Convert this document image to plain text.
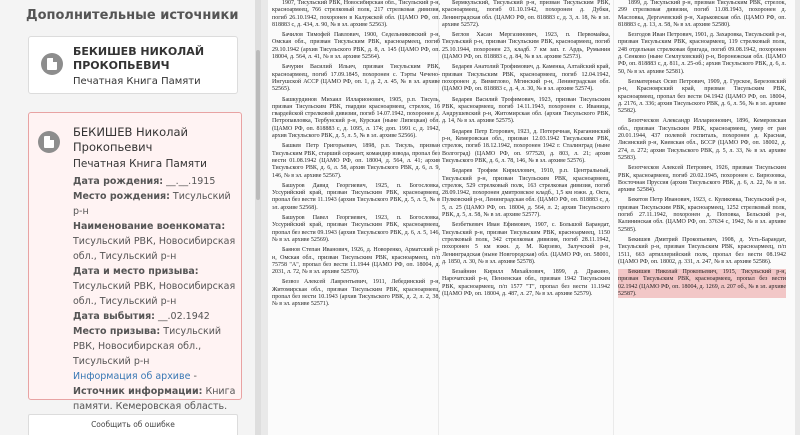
Дополнительные источники
БЕКИШЕВ НИКОЛАЙ ПРОКОПЬЕВИЧ
Печатная Книга Памяти
БЕКИШЕВ Николай Прокопьевич
Печатная Книга Памяти
Дата рождения: __.__.1915
Место рождения: Тисульский р-н
Наименование военкомата: Тисульский РВК, Новосибирская обл., Тисульский р-н
Дата и место призыва: Тисульский РВК, Новосибирская обл., Тисульский р-н
Дата выбытия: __.02.1942
Место призыва: Тисульский РВК, Новосибирская обл., Тисульский р-н
Информация об архиве -
Источник информации: Книга памяти. Кемеровская область.
Сообщить об ошибке

1907, Тисульский РВК, Новосибирская обл., Тисульский р-н, красноармеец, 766 стрелковый полк, 217 стрелковая дивизия, погиб 26.10.1942, похоронен в Калужской обл. (ЦАМО РФ, оп. 818883 с, д. 434, л. 90, № в эл. архиве 52563).

Бачилов Тимофей Павлович, 1900, Седельниковский р-н, Омская обл., призван Тисульским РВК, красноармеец, погиб 29.10.1942 (архив Тисульского РВК, д. 8, л. 145 (ЦАМО РФ, оп. 18004, д. 564, л. 41, № в эл. архиве 52564).

Бачурин Василий Ильич, призван Тисульским РВК, красноармеец, погиб 17.09.1845, похоронен с. Тэрты Чечено-Ингушской АССР (ЦАМО РФ, оп. 1, д. 2, л. 45, № в эл. архиве 52565).

Башкурдинов Михаил Илларионович, 1905, р.п. Тисуль, призван Тисульским РВК, гвардии красноармеец, стрелок, 16 гвардейской стрелковой дивизии, погиб 14.07.1942, похоронен д. Петропавловка, Тербунский р-н, Курская (ныне Липецкая) обл. (ЦАМО РФ, оп. 818883 с, д. 1095, л. 174; доп. 1991 с, д. 1942, архив Тисульского РВК, д. 5, л. 5, № в эл. архиве 52566).

Башкев Петр Григорьевич, 1898, р.п. Тисуль, призван Тисульским РВК, старший сержант, командир взвода, пропал без вести 01.08.1942 (ЦАМО РФ, оп. 18004, д. 564, л. 41; архив Тисульского РВК, д. 6, л. 58, архив Тисульского РВК, д. 6, л. 9, 146, № в эл. архиве 52567).

Башуров Давид Георгиевич, 1925, п. Богословка, Уссурийский край, призван Тисульским РВК, красноармеец, пропал без вести 11.1943 (архив Тисульского РВК, д. 5, л. 5, № в эл. архиве 52568).

Башуров Павел Георгиевич, 1923, п. Богословка, Уссурийский край, призван Тисульским РВК, красноармеец, пропал без вести 09.1943 (архив Тисульского РВК, д. 6, л. 5, 146, № в эл. архиве 52569).

Баянов Степан Иванович, 1926, д. Новоренко, Арматский р-н, Омская обл., призван Тисульским РВК, красноармеец, п/п 75758 "А", пропал без вести 11.1944 (ЦАМО РФ, оп. 18004, д. 2031, л. 72, № в эл. архиве 52570).

Безвоз Алексей Лаврентьевич, 1911, Лебединский р-н, Житомирская обл., призван Тисульским РВК, красноармеец, пропал без вести 10.1943 (архив Тисульского РВК, д. 2, л. 2, 38, № в эл. архиве 52571).

Бермкульский, Тисульский р-н, призван Тисульским РВК, красноармеец, погиб 01.10.1942, похоронен д. Дубки, Ленинградская обл. (ЦАМО РФ, оп. 818883 с, д. 3, л. 18, № в эл. архиве 52572).

Беглов Хасан Мергазинович, 1923, п. Первомайка, Тисульский р-н, призван Тисульским РВК, красноармеец, погиб 25.10.1944, похоронен 23, кладб. 7 км зап. г. Ардь, Румыния (ЦАМО РФ, оп. 818883 с, д. 84, № в эл. архиве 52573).

Бедарев Анатолий Трофимович, д. Каменка, Алтайский край, призван Тисульским РВК, красноармеец, погиб 12.04.1942, похоронен д. Вимяглово, Мгинский р-н, Ленинградская обл. (ЦАМО РФ, оп. 818883 с, д. 4, л. 30, № в эл. архиве 52574).

Бедарев Василий Трофимович, 1923, призван Тисульским РВК, красноармеец, погиб 14.11.1943, похоронен с. Иваница, Андрушевский р-н, Житомирская обл. (архив Тисульского РВК, д. 14, № в эл. архиве 52575).

Бедарев Петр Егорович, 1923, д. Потеречная, Краганинский р-н, Кемеровская обл., призван 12.03.1942 Тисульским РВК, стрелок, погиб 18.12.1942, похоронен 1942 г. Сталинград (ныне Волгоград) (ЦАМО РФ, оп. 977520, д. 803, л. 21; архив Тисульского РВК, д. 6, л. 78, 146, № в эл. архиве 52576).

Бедарев Трофим Кириллович, 1910, р.п. Центральный, Тисульский р-н, призван Тисульским РВК, красноармеец, стрелок, 529 стрелковый полк, 163 стрелковая дивизия, погиб 28.09.1942, похоронен дмитровское кладб., 1,5 км южн. д. Окта, Пулковский р-н, Ленинградская обл. (ЦАМО РФ, оп. 818883 с, д. 5, л. 25 (ЦАМО РФ, оп. 18004, д. 564, л. 2; архив Тисульского РВК, д. 5, л. 58, № в эл. архиве 52577).

Безбеткевич Иван Ефимович, 1907, с. Большой Барандат, Тисульский р-н, призван Тисульским РВК, красноармеец, 1150 стрелковый полк, 342 стрелковая дивизия, погиб 28.11.1942, похоронен 5 км южн. д. М. Кирзево, Залучский р-н, Ленинградская (ныне Новгородская) обл. (ЦАМО РФ, оп. 58001, д. 1850, л. 30, № в эл. архиве 52578).

Безайнин Кирилл Михайлович, 1899, д. Дракино, Нарочатский р-н, Пензенская обл., призван 1942 Тисульским РВК, красноармеец, п/п 1577 "Т", пропал без вести 11.1942 (ЦАМО РФ, оп. 18004, д. 487, л. 27, № в эл. архиве 52579).

1899, д. Тисульский р-н, призван Тисульским РВК, стрелок, 299 стрелковая дивизия, погиб 11.08.1943, похоронен д. Масловка, Дергачевский р-н, Харьковская обл. (ЦАМО РФ, оп. 818883 с, д. 13, л. 58, № в эл. архиве 52580).

Безгодов Иван Петрович, 1901, д. Захаровка, Тисульский р-н, призван Тисульским РВК, красноармеец, 119 стрелковый полк, 248 отдельная стрелковая бригада, погиб 09.08.1942, похоронен д. Сенково (ныне Семлуховский) р-н, Воронежская обл. (ЦАМО РФ, оп. 818883 с, д. 811, л. 25-об.; архив Тисульского РВК, д. 6, л. 50, № в эл. архиве 52581).

Безматерных Осип Петрович, 1909, д. Гурское, Березовский р-н, Красноярский край, призван Тисульским РВК, красноармеец, пропал без вести 04.1942 (ЦАМО РФ, оп. 18004, д. 2176, л. 336; архив Тисульского РВК, д. 6, л. 56, № в эл. архиве 52582).

Безотческов Александр Илларионович, 1896, Кемеровская обл., призван Тисульским РВК, красноармеец, умер от ран 20.01.1944, 437 полевой госпиталь, похоронен д. Красная, Лисянский р-н, Киевская обл., БССР (ЦАМО РФ, оп. 18002, д. 274, л. 272; архив Тисульского РВК, д. 5, л. 33, № в эл. архиве 52583).

Безотческов Алексей Петрович, 1926, призван Тисульским РВК, красноармеец, погиб 20.02.1945, похоронен с. Бирюзовка, Восточная Пруссия (архив Тисульского РВК, д. 6, л. 22, № в эл. архиве 52584).

Бекетов Петр Иванович, 1923, с. Куликовка, Тисульский р-н, призван Тисульским РВК, красноармеец, 1252 стрелковый полк, погиб 27.11.1942, похоронен д. Поповка, Бельский р-н, Калининская обл. (ЦАМО РФ, оп. 37634 с, 1942, № в эл. архиве 52585).

Бекишев Дмитрий Прокопьевич, 1908, д. Усть-Барандат, Тисульский р-н, призван Тисульским РВК, красноармеец, п/п 1511, 663 артиллерийский полк, пропал без вести 08.1942 (ЦАМО РФ, оп. 18002, д. 331, л. 247, № в эл. архиве 52586).

Бекишев Николай Прокопьевич, 1915, Тисульский р-н, призван Тисульским РВК, красноармеец, пропал без вести 02.1942 (ЦАМО РФ, оп. 18004, д. 1269, л. 207 об., № в эл. архиве 52587).
